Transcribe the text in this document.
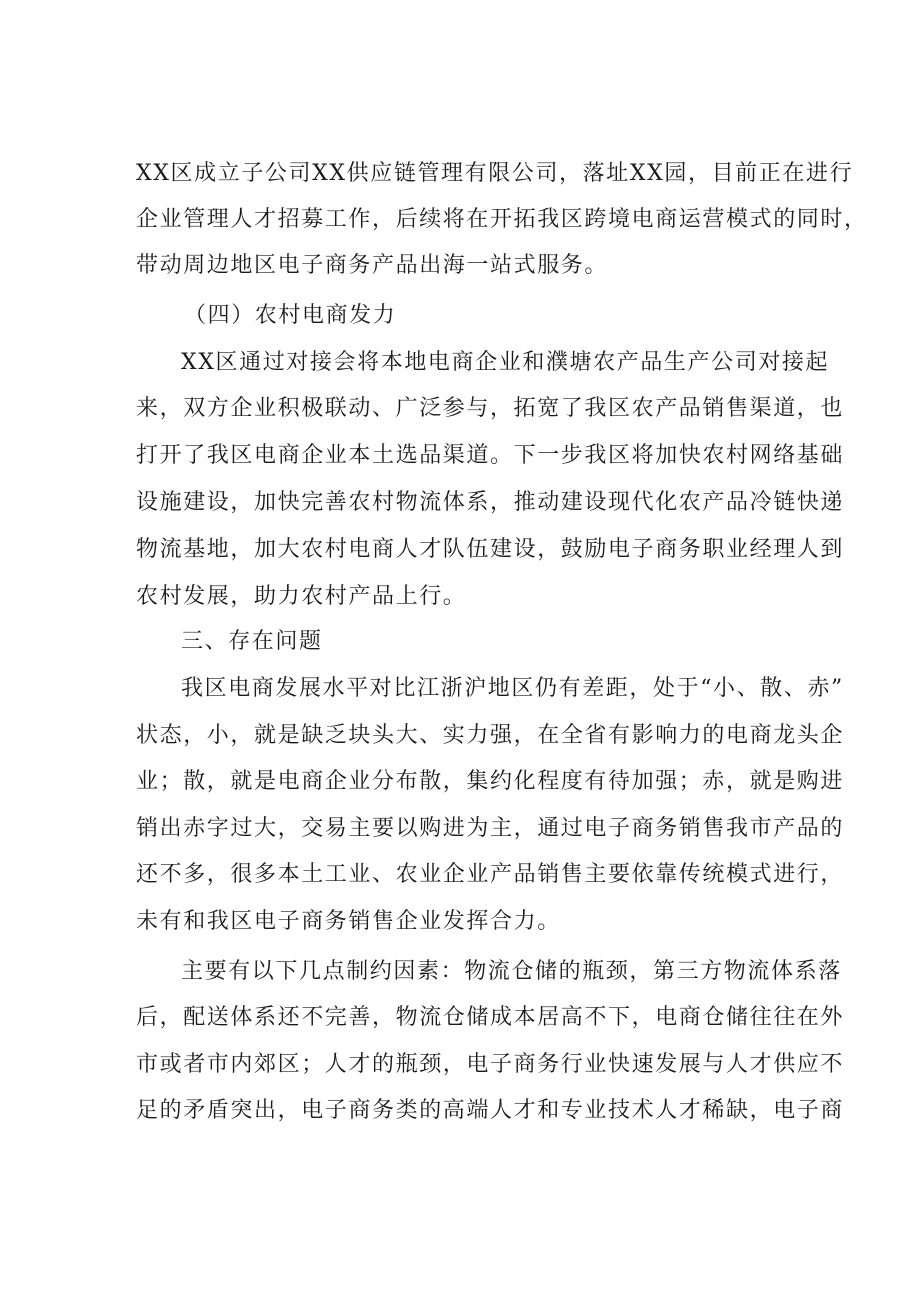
XX区成立子公司XX供应链管理有限公司，落址XX园，目前正在进行
企业管理人才招募工作，后续将在开拓我区跨境电商运营模式的同时，
带动周边地区电子商务产品出海一站式服务。
（四）农村电商发力
XX区通过对接会将本地电商企业和濮塘农产品生产公司对接起
来，双方企业积极联动、广泛参与，拓宽了我区农产品销售渠道，也
打开了我区电商企业本土选品渠道。下一步我区将加快农村网络基础
设施建设，加快完善农村物流体系，推动建设现代化农产品冷链快递
物流基地，加大农村电商人才队伍建设，鼓励电子商务职业经理人到
农村发展，助力农村产品上行。
三、存在问题
我区电商发展水平对比江浙沪地区仍有差距，处于“小、散、赤”
状态，小，就是缺乏块头大、实力强，在全省有影响力的电商龙头企
业；散，就是电商企业分布散，集约化程度有待加强；赤，就是购进
销出赤字过大，交易主要以购进为主，通过电子商务销售我市产品的
还不多，很多本土工业、农业企业产品销售主要依靠传统模式进行，
未有和我区电子商务销售企业发挥合力。
主要有以下几点制约因素：物流仓储的瓶颈，第三方物流体系落
后，配送体系还不完善，物流仓储成本居高不下，电商仓储往往在外
市或者市内郊区；人才的瓶颈，电子商务行业快速发展与人才供应不
足的矛盾突出，电子商务类的高端人才和专业技术人才稀缺，电子商
